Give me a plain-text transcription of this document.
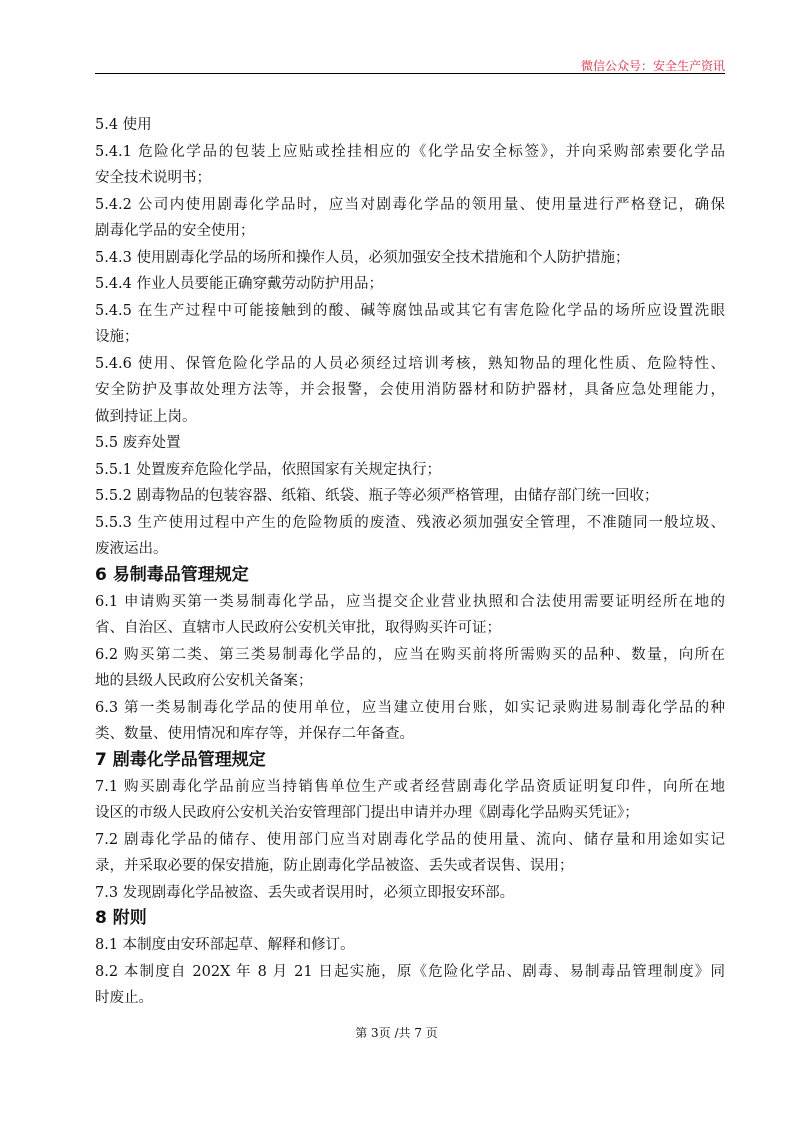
微信公众号：安全生产资讯
5.4 使用
5.4.1 危险化学品的包装上应贴或拴挂相应的《化学品安全标签》，并向采购部索要化学品
安全技术说明书；
5.4.2 公司内使用剧毒化学品时，应当对剧毒化学品的领用量、使用量进行严格登记，确保
剧毒化学品的安全使用；
5.4.3 使用剧毒化学品的场所和操作人员，必须加强安全技术措施和个人防护措施；
5.4.4 作业人员要能正确穿戴劳动防护用品；
5.4.5 在生产过程中可能接触到的酸、碱等腐蚀品或其它有害危险化学品的场所应设置洗眼
设施；
5.4.6 使用、保管危险化学品的人员必须经过培训考核，熟知物品的理化性质、危险特性、
安全防护及事故处理方法等，并会报警，会使用消防器材和防护器材，具备应急处理能力，
做到持证上岗。
5.5 废弃处置
5.5.1 处置废弃危险化学品，依照国家有关规定执行；
5.5.2 剧毒物品的包装容器、纸箱、纸袋、瓶子等必须严格管理，由储存部门统一回收；
5.5.3 生产使用过程中产生的危险物质的废渣、残液必须加强安全管理，不准随同一般垃圾、
废液运出。
6 易制毒品管理规定
6.1 申请购买第一类易制毒化学品，应当提交企业营业执照和合法使用需要证明经所在地的
省、自治区、直辖市人民政府公安机关审批，取得购买许可证；
6.2 购买第二类、第三类易制毒化学品的，应当在购买前将所需购买的品种、数量，向所在
地的县级人民政府公安机关备案；
6.3 第一类易制毒化学品的使用单位，应当建立使用台账，如实记录购进易制毒化学品的种
类、数量、使用情况和库存等，并保存二年备查。
7 剧毒化学品管理规定
7.1 购买剧毒化学品前应当持销售单位生产或者经营剧毒化学品资质证明复印件，向所在地
设区的市级人民政府公安机关治安管理部门提出申请并办理《剧毒化学品购买凭证》；
7.2 剧毒化学品的储存、使用部门应当对剧毒化学品的使用量、流向、储存量和用途如实记
录，并采取必要的保安措施，防止剧毒化学品被盗、丢失或者误售、误用；
7.3 发现剧毒化学品被盗、丢失或者误用时，必须立即报安环部。
8 附则
8.1 本制度由安环部起草、解释和修订。
8.2 本制度自 202X 年 8 月 21 日起实施，原《危险化学品、剧毒、易制毒品管理制度》同
时废止。
第 3页 /共 7 页
